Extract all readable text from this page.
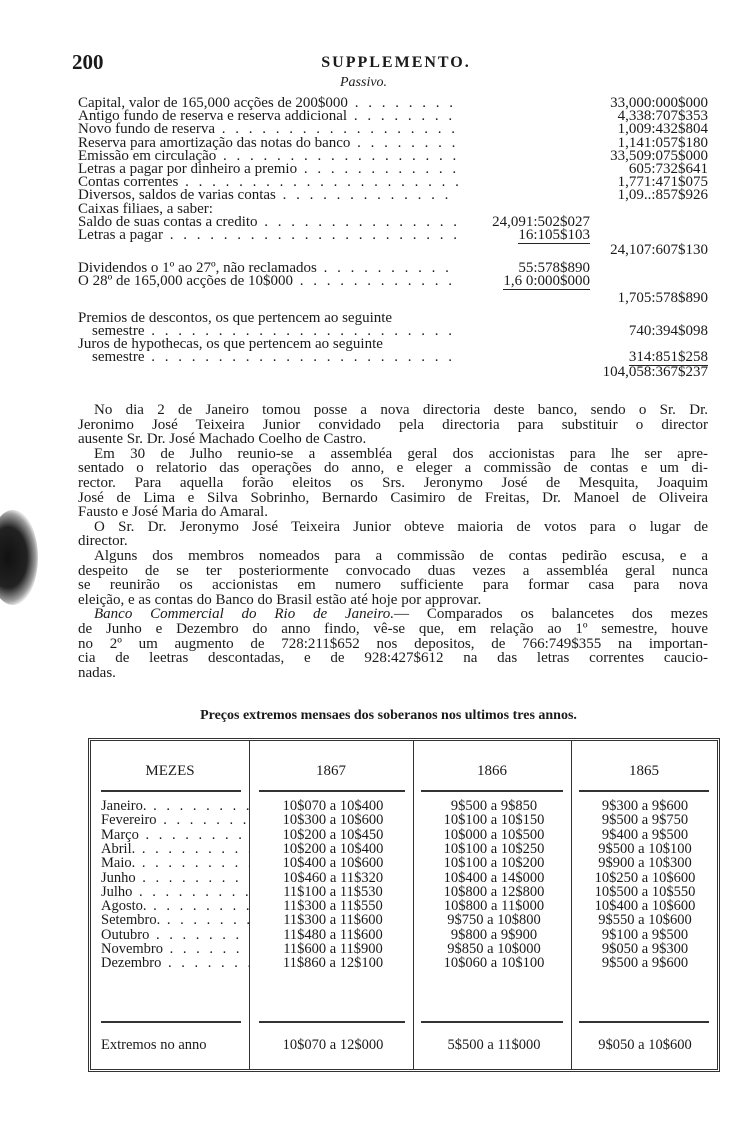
200	SUPPLEMENTO.
Passivo.
Capital, valor de 165,000 acções de 200$000 . . .	33,000:000$000
Antigo fundo de reserva e reserva addicional . . .	4,338:707$353
Novo fundo de reserva . . .	1,009:432$804
Reserva para amortização das notas do banco . . .	1,141:057$180
Emissão em circulação . . .	33,509:075$000
Letras a pagar por dinheiro a premio . . .	605:732$641
Contas correntes . . .	1,771:471$075
Diversos, saldos de varias contas . . .	1,09..:857$926
Caixas filiaes, a saber:
Saldo de suas contas a credito . . .	24,091:502$027
Letras a pagar . . .	16:105$103
24,107:607$130
Dividendos o 1º ao 27º, não reclamados . . .	55:578$890
O 28º de 165,000 acções de 10$000 . . .	1,6 0:000$000
1,705:578$890
Premios de descontos, os que pertencem ao seguinte
semestre . . .	740:394$098
Juros de hypothecas, os que pertencem ao seguinte
semestre . . .	314:851$258
104,058:367$237
No dia 2 de Janeiro tomou posse a nova directoria deste banco, sendo o Sr. Dr.
Jeronimo José Teixeira Junior convidado pela directoria para substituir o director
ausente Sr. Dr. José Machado Coelho de Castro.
Em 30 de Julho reunio-se a assembléa geral dos accionistas para lhe ser apre-
sentado o relatorio das operações do anno, e eleger a commissão de contas e um di-
rector. Para aquella forão eleitos os Srs. Jeronymo José de Mesquita, Joaquim
José de Lima e Silva Sobrinho, Bernardo Casimiro de Freitas, Dr. Manoel de Oliveira
Fausto e José Maria do Amaral.
O Sr. Dr. Jeronymo José Teixeira Junior obteve maioria de votos para o lugar de
director.
Alguns dos membros nomeados para a commissão de contas pedirão escusa, e a
despeito de se ter posteriormente convocado duas vezes a assembléa geral nunca
se reunirão os accionistas em numero sufficiente para formar casa para nova
eleição, e as contas do Banco do Brasil estão até hoje por approvar.
Banco Commercial do Rio de Janeiro.— Comparados os balancetes dos mezes
de Junho e Dezembro do anno findo, vê-se que, em relação ao 1º semestre, houve
no 2º um augmento de 728:211$652 nos depositos, de 766:749$355 na importan-
cia de leetras descontadas, e de 928:427$612 na das letras correntes caucio-
nadas.
Preços extremos mensaes dos soberanos nos ultimos tres annos.
MEZES	1867	1866	1865
Janeiro. . . .	10$070 a 10$400	9$500 a 9$850	9$300 a 9$600
Fevereiro . . .	10$300 a 10$600	10$100 a 10$150	9$500 a 9$750
Março . . .	10$200 a 10$450	10$000 a 10$500	9$400 a 9$500
Abril. . . .	10$200 a 10$400	10$100 a 10$250	9$500 a 10$100
Maio. . . .	10$400 a 10$600	10$100 a 10$200	9$900 a 10$300
Junho . . .	10$460 a 11$320	10$400 a 14$000	10$250 a 10$600
Julho . . .	11$100 a 11$530	10$800 a 12$800	10$500 a 10$550
Agosto. . . .	11$300 a 11$550	10$800 a 11$000	10$400 a 10$600
Setembro. . . .	11$300 a 11$600	9$750 a 10$800	9$550 a 10$600
Outubro . . .	11$480 a 11$600	9$800 a 9$900	9$100 a 9$500
Novembro . . .	11$600 a 11$900	9$850 a 10$000	9$050 a 9$300
Dezembro . . .	11$860 a 12$100	10$060 a 10$100	9$500 a 9$600
Extremos no anno	10$070 a 12$000	5$500 a 11$000	9$050 a 10$600
